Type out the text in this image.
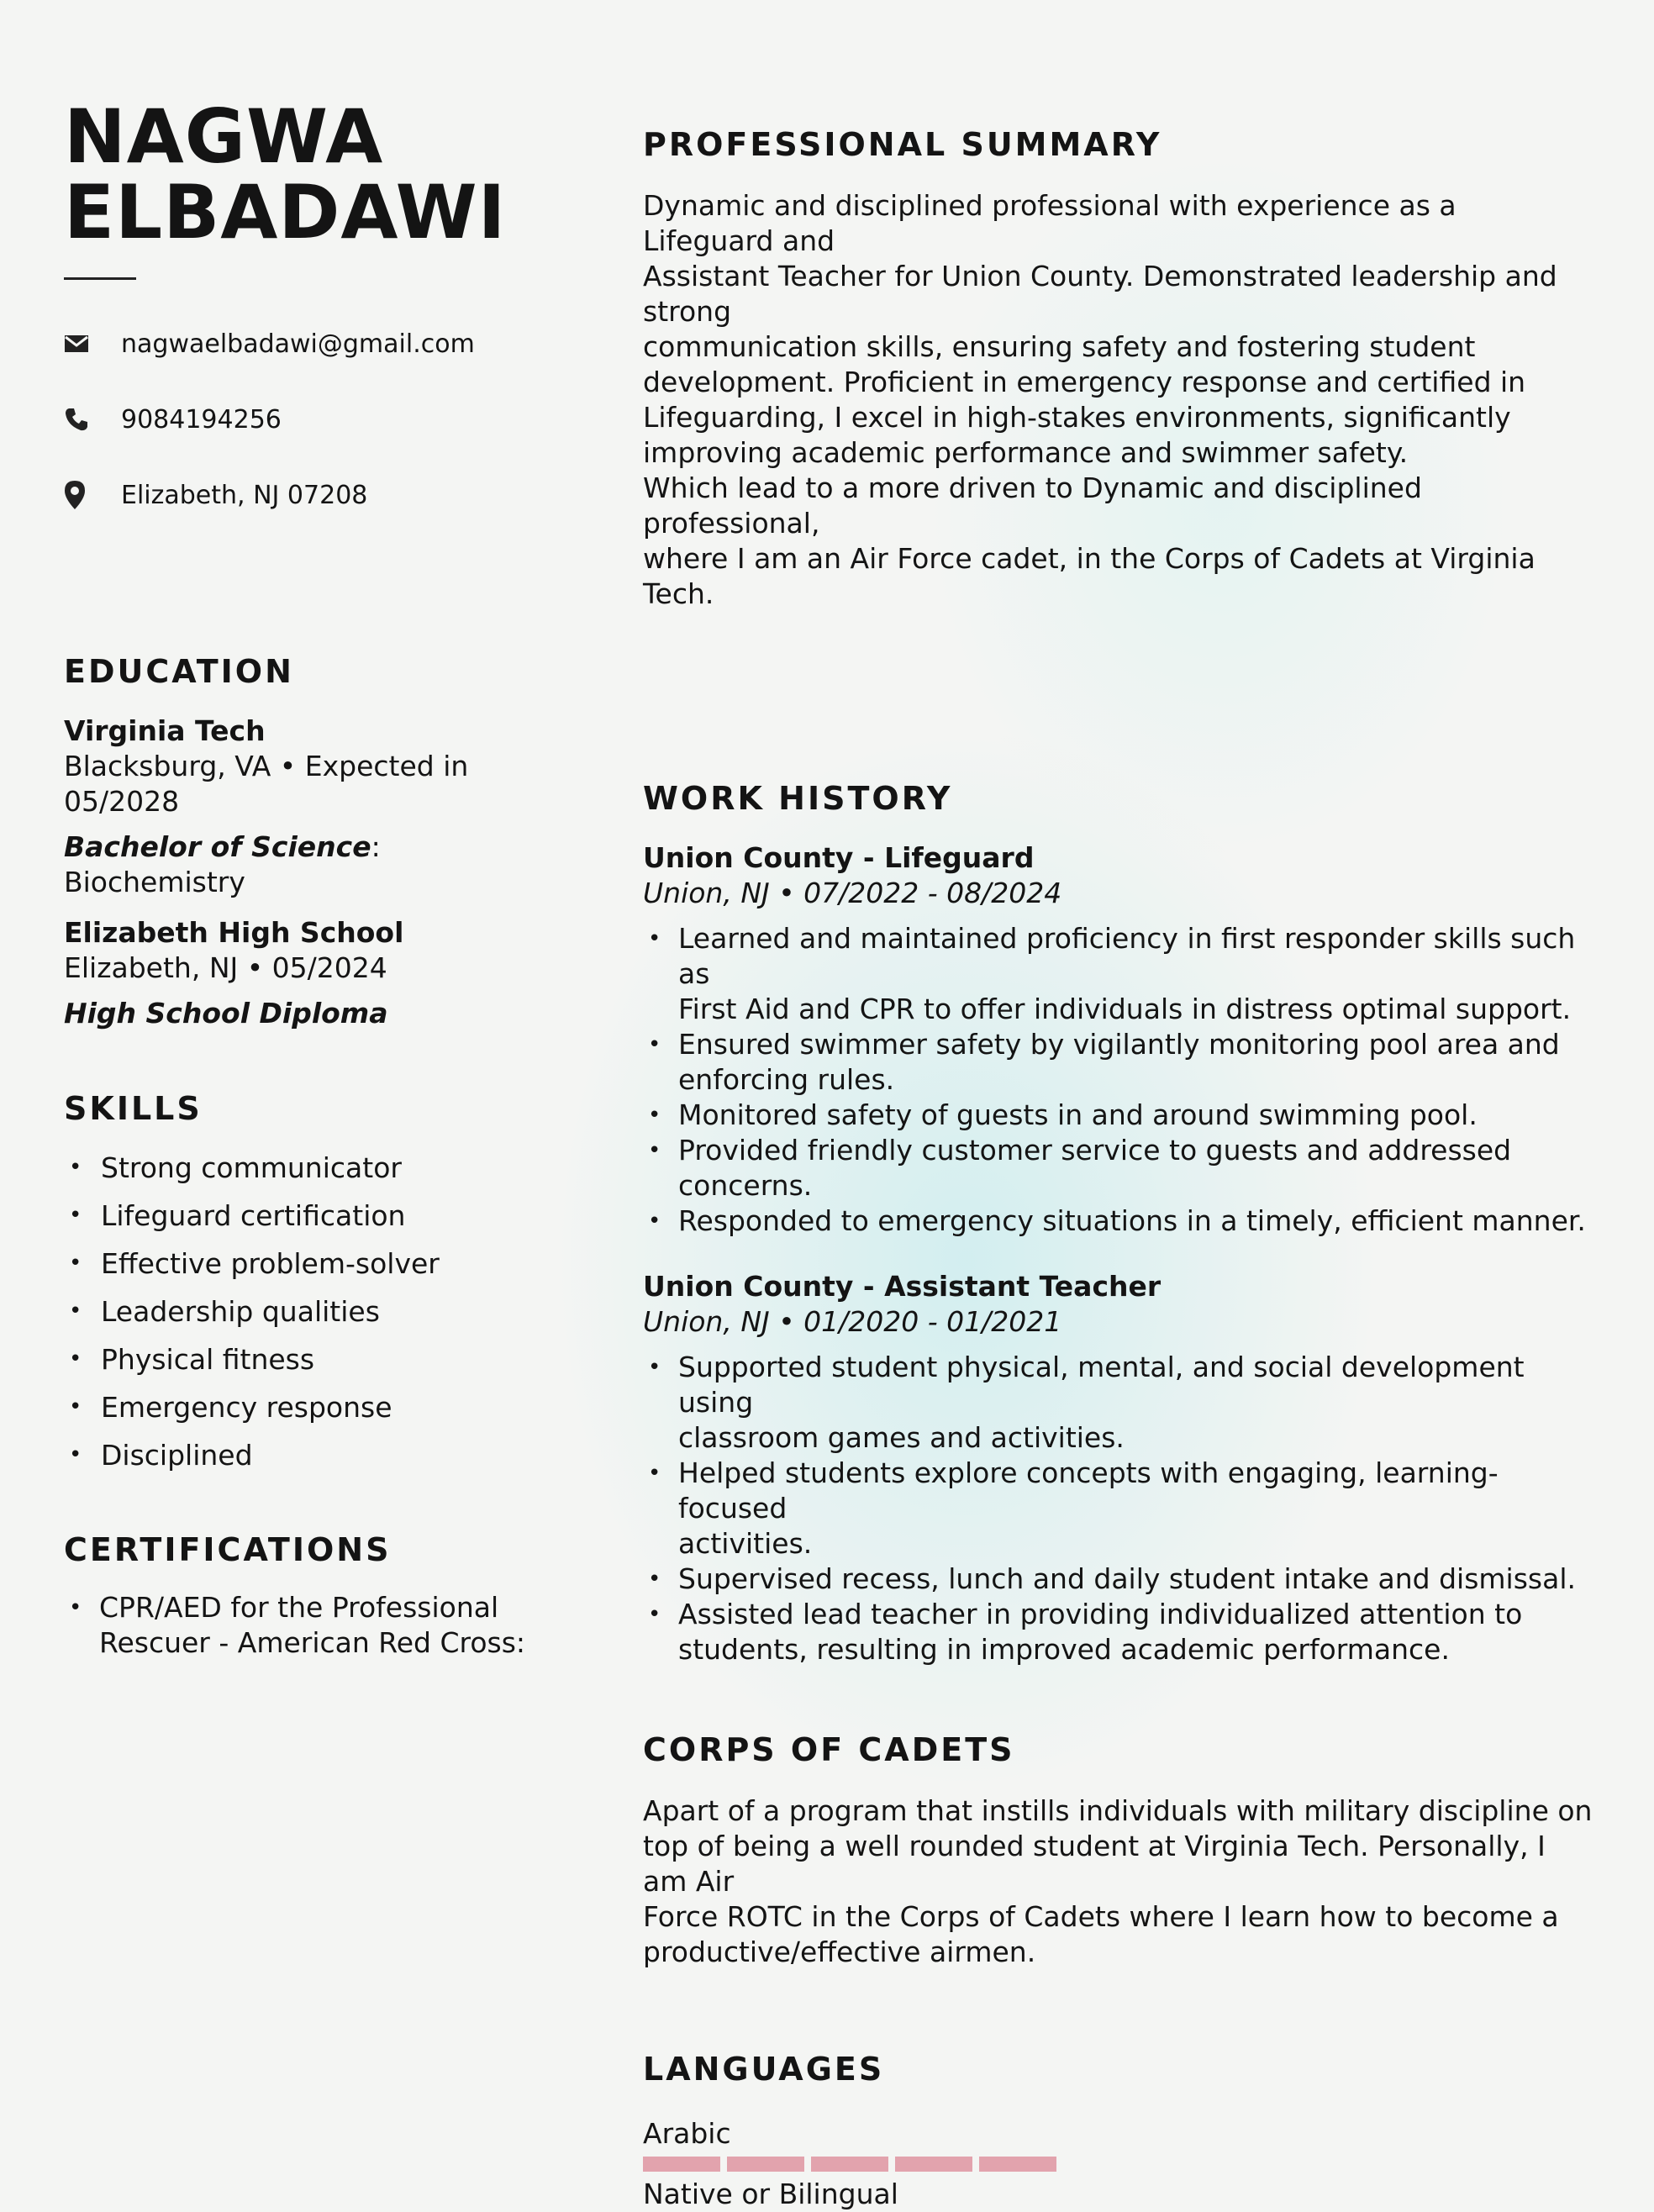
NAGWA
ELBADAWI
nagwaelbadawi@gmail.com
9084194256
Elizabeth, NJ 07208
EDUCATION
Virginia Tech
Blacksburg, VA • Expected in
05/2028
Bachelor of Science: Biochemistry
Elizabeth High School
Elizabeth, NJ • 05/2024
High School Diploma
SKILLS
• Strong communicator
• Lifeguard certification
• Effective problem-solver
• Leadership qualities
• Physical fitness
• Emergency response
• Disciplined
CERTIFICATIONS
• CPR/AED for the Professional
Rescuer - American Red Cross:
PROFESSIONAL SUMMARY

Dynamic and disciplined professional with experience as a Lifeguard and

Assistant Teacher for Union County. Demonstrated leadership and strong

communication skills, ensuring safety and fostering student

development. Proficient in emergency response and certified in

Lifeguarding, I excel in high-stakes environments, significantly

improving academic performance and swimmer safety.

Which lead to a more driven to Dynamic and disciplined professional,

where I am an Air Force cadet, in the Corps of Cadets at Virginia Tech.

WORK HISTORY
Union County - Lifeguard
Union, NJ • 07/2022 - 08/2024
• Learned and maintained proficiency in first responder skills such as
First Aid and CPR to offer individuals in distress optimal support.
• Ensured swimmer safety by vigilantly monitoring pool area and
enforcing rules.
• Monitored safety of guests in and around swimming pool.
• Provided friendly customer service to guests and addressed concerns.
• Responded to emergency situations in a timely, efficient manner.
Union County - Assistant Teacher
Union, NJ • 01/2020 - 01/2021
• Supported student physical, mental, and social development using
classroom games and activities.
• Helped students explore concepts with engaging, learning-focused
activities.
• Supervised recess, lunch and daily student intake and dismissal.
• Assisted lead teacher in providing individualized attention to
students, resulting in improved academic performance.
CORPS OF CADETS
Apart of a program that instills individuals with military discipline on
top of being a well rounded student at Virginia Tech. Personally, I am Air
Force ROTC in the Corps of Cadets where I learn how to become a
productive/effective airmen.
LANGUAGES
Arabic
Native or Bilingual
